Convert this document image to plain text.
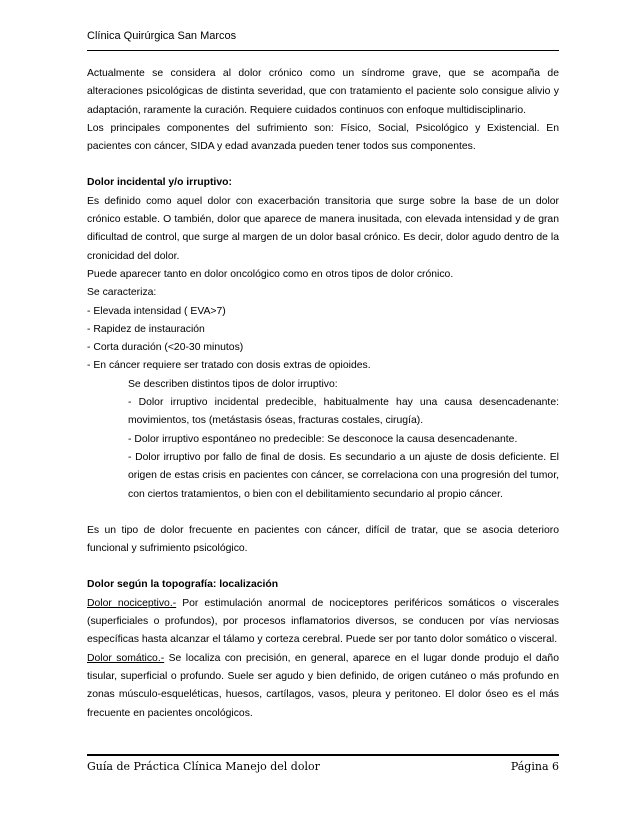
Clínica Quirúrgica San Marcos

Actualmente se considera al dolor crónico como un síndrome grave, que se acompaña de alteraciones psicológicas de distinta severidad, que con tratamiento el paciente solo consigue alivio y adaptación, raramente la curación. Requiere cuidados continuos con enfoque multidisciplinario.

Los principales componentes del sufrimiento son: Físico, Social, Psicológico y Existencial. En pacientes con cáncer, SIDA y edad avanzada pueden tener todos sus componentes.

Dolor incidental y/o irruptivo:

Es definido como aquel dolor con exacerbación transitoria que surge sobre la base de un dolor crónico estable. O también, dolor que aparece de manera inusitada, con elevada intensidad y de gran dificultad de control, que surge al margen de un dolor basal crónico. Es decir, dolor agudo dentro de la cronicidad del dolor.

Puede aparecer tanto en dolor oncológico como en otros tipos de dolor crónico.

Se caracteriza:

- Elevada intensidad ( EVA>7)

- Rapidez de instauración

- Corta duración (<20-30 minutos)

- En cáncer requiere ser tratado con dosis extras de opioides.

Se describen distintos tipos de dolor irruptivo:

- Dolor irruptivo incidental predecible, habitualmente hay una causa desencadenante: movimientos, tos (metástasis óseas, fracturas costales, cirugía).

- Dolor irruptivo espontáneo no predecible: Se desconoce la causa desencadenante.

- Dolor irruptivo por fallo de final de dosis. Es secundario a un ajuste de dosis deficiente. El origen de estas crisis en pacientes con cáncer, se correlaciona con una progresión del tumor, con ciertos tratamientos, o bien con el debilitamiento secundario al propio cáncer.

Es un tipo de dolor frecuente en pacientes con cáncer, difícil de tratar, que se asocia deterioro funcional y sufrimiento psicológico.

Dolor según la topografía: localización

Dolor nociceptivo.- Por estimulación anormal de nociceptores periféricos somáticos o viscerales (superficiales o profundos), por procesos inflamatorios diversos, se conducen por vías nerviosas específicas hasta alcanzar el tálamo y corteza cerebral. Puede ser por tanto dolor somático o visceral.

Dolor somático.- Se localiza con precisión, en general, aparece en el lugar donde produjo el daño tisular, superficial o profundo. Suele ser agudo y bien definido, de origen cutáneo o más profundo en zonas músculo-esqueléticas, huesos, cartílagos, vasos, pleura y peritoneo. El dolor óseo es el más frecuente en pacientes oncológicos.

Guía de Práctica Clínica Manejo del dolor	Página 6
